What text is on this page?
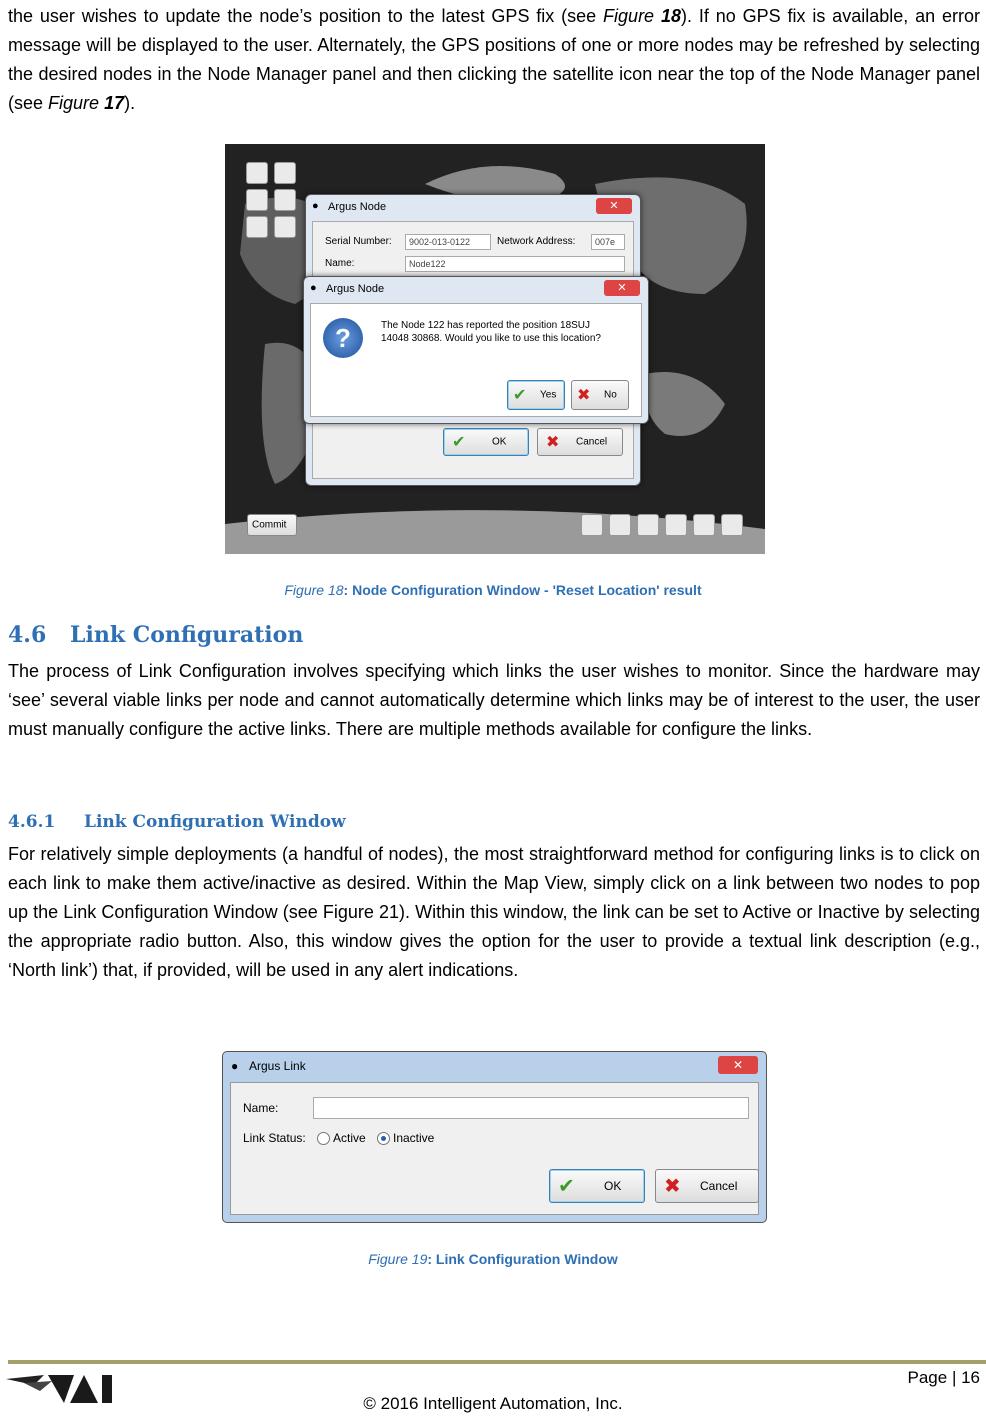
the user wishes to update the node’s position to the latest GPS fix (see Figure 18). If no GPS fix is available, an error message will be displayed to the user. Alternately, the GPS positions of one or more nodes may be refreshed by selecting the desired nodes in the Node Manager panel and then clicking the satellite icon near the top of the Node Manager panel (see Figure 17).

● Argus Node	✕
Serial Number:	9002-013-0122	Network Address:	007e
Name:	Node122
✔	OK ✖ Cancel
● Argus Node	✕
?	The Node 122 has reported the position 18SUJ
14048 30868. Would you like to use this location?
✔ Yes ✖ No
Commit
Figure 18: Node Configuration Window - 'Reset Location' result
4.6 Link Configuration

The process of Link Configuration involves specifying which links the user wishes to monitor. Since the hardware may ‘see’ several viable links per node and cannot automatically determine which links may be of interest to the user, the user must manually configure the active links. There are multiple methods available for configure the links.

4.6.1 Link Configuration Window

For relatively simple deployments (a handful of nodes), the most straightforward method for configuring links is to click on each link to make them active/inactive as desired. Within the Map View, simply click on a link between two nodes to pop up the Link Configuration Window (see Figure 21). Within this window, the link can be set to Active or Inactive by selecting the appropriate radio button. Also, this window gives the option for the user to provide a textual link description (e.g., ‘North link’) that, if provided, will be used in any alert indications.

● Argus Link	✕
Name:
Link Status: Active Inactive
✔ OK ✖ Cancel
Figure 19: Link Configuration Window
Page | 16
© 2016 Intelligent Automation, Inc.
